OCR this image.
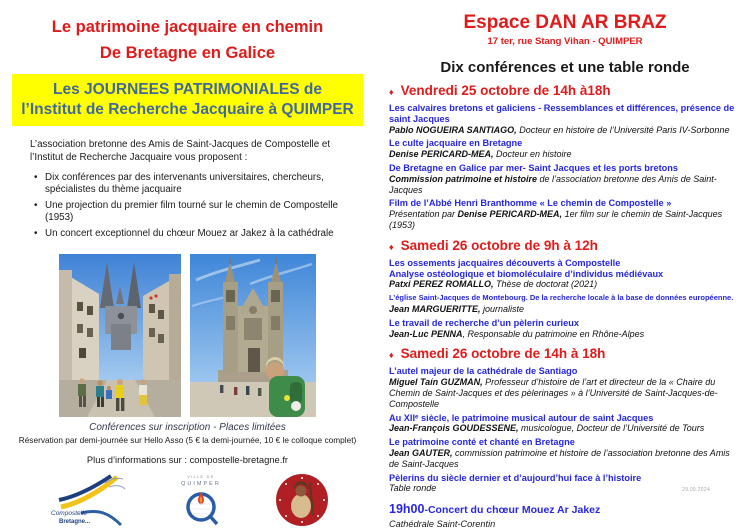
Le patrimoine jacquaire en chemin
De Bretagne en Galice
Les JOURNEES PATRIMONIALES de
l’Institut de Recherche Jacquaire à QUIMPER

L’association bretonne des Amis de Saint-Jacques de Compostelle et l’Institut de Recherche Jacquaire vous proposent :

• Dix conférences par des intervenants universitaires, chercheurs, spécialistes du thème jacquaire
• Une projection du premier film tourné sur le chemin de Compostelle (1953)
• Un concert exceptionnel du chœur Mouez ar Jakez à la cathédrale
Conférences sur inscription - Places limitées
Réservation par demi-journée sur Hello Asso (5 € la demi-journée, 10 € le colloque complet)
Plus d’informations sur : compostelle-bretagne.fr
Compostelle
Bretagne...
VILLE DE
QUIMPER
Espace DAN AR BRAZ
17 ter, rue Stang Vihan - QUIMPER
Dix conférences et une table ronde
♦ Vendredi 25 octobre de 14h à18h
Les calvaires bretons et galiciens - Ressemblances et différences, présence de saint Jacques
Pablo NOGUEIRA SANTIAGO, Docteur en histoire de l’Université Paris IV-Sorbonne
Le culte jacquaire en Bretagne
Denise PERICARD-MEA, Docteur en histoire
De Bretagne en Galice par mer- Saint Jacques et les ports bretons
Commission patrimoine et histoire de l’association bretonne des Amis de Saint-Jacques
Film de l’Abbé Henri Branthomme « Le chemin de Compostelle »
Présentation par Denise PERICARD-MEA, 1er film sur le chemin de Saint-Jacques (1953)
♦ Samedi 26 octobre de 9h à 12h
Les ossements jacquaires découverts à Compostelle
Analyse ostéologique et biomoléculaire d’individus médiévaux
Patxi PEREZ ROMALLO, Thèse de doctorat (2021)
L’église Saint-Jacques de Montebourg. De la recherche locale à la base de données européenne.
Jean MARGUERITTE, journaliste
Le travail de recherche d’un pèlerin curieux
Jean-Luc PENNA, Responsable du patrimoine en Rhône-Alpes
♦ Samedi 26 octobre de 14h à 18h
L’autel majeur de la cathédrale de Santiago
Miguel Taín GUZMAN, Professeur d’histoire de l’art et directeur de la « Chaire du Chemin de Saint-Jacques et des pèlerinages » à l’Université de Saint-Jacques-de-Compostelle
Au XIIᵉ siècle, le patrimoine musical autour de saint Jacques
Jean-François GOUDESSENE, musicologue, Docteur de l’Université de Tours
Le patrimoine conté et chanté en Bretagne
Jean GAUTER, commission patrimoine et histoire de l’association bretonne des Amis de Saint-Jacques
Pèlerins du siècle dernier et d’aujourd’hui face à l’histoire
Table ronde
19h00-Concert du chœur Mouez Ar Jakez
Cathédrale Saint-Corentin
29.09.2024
